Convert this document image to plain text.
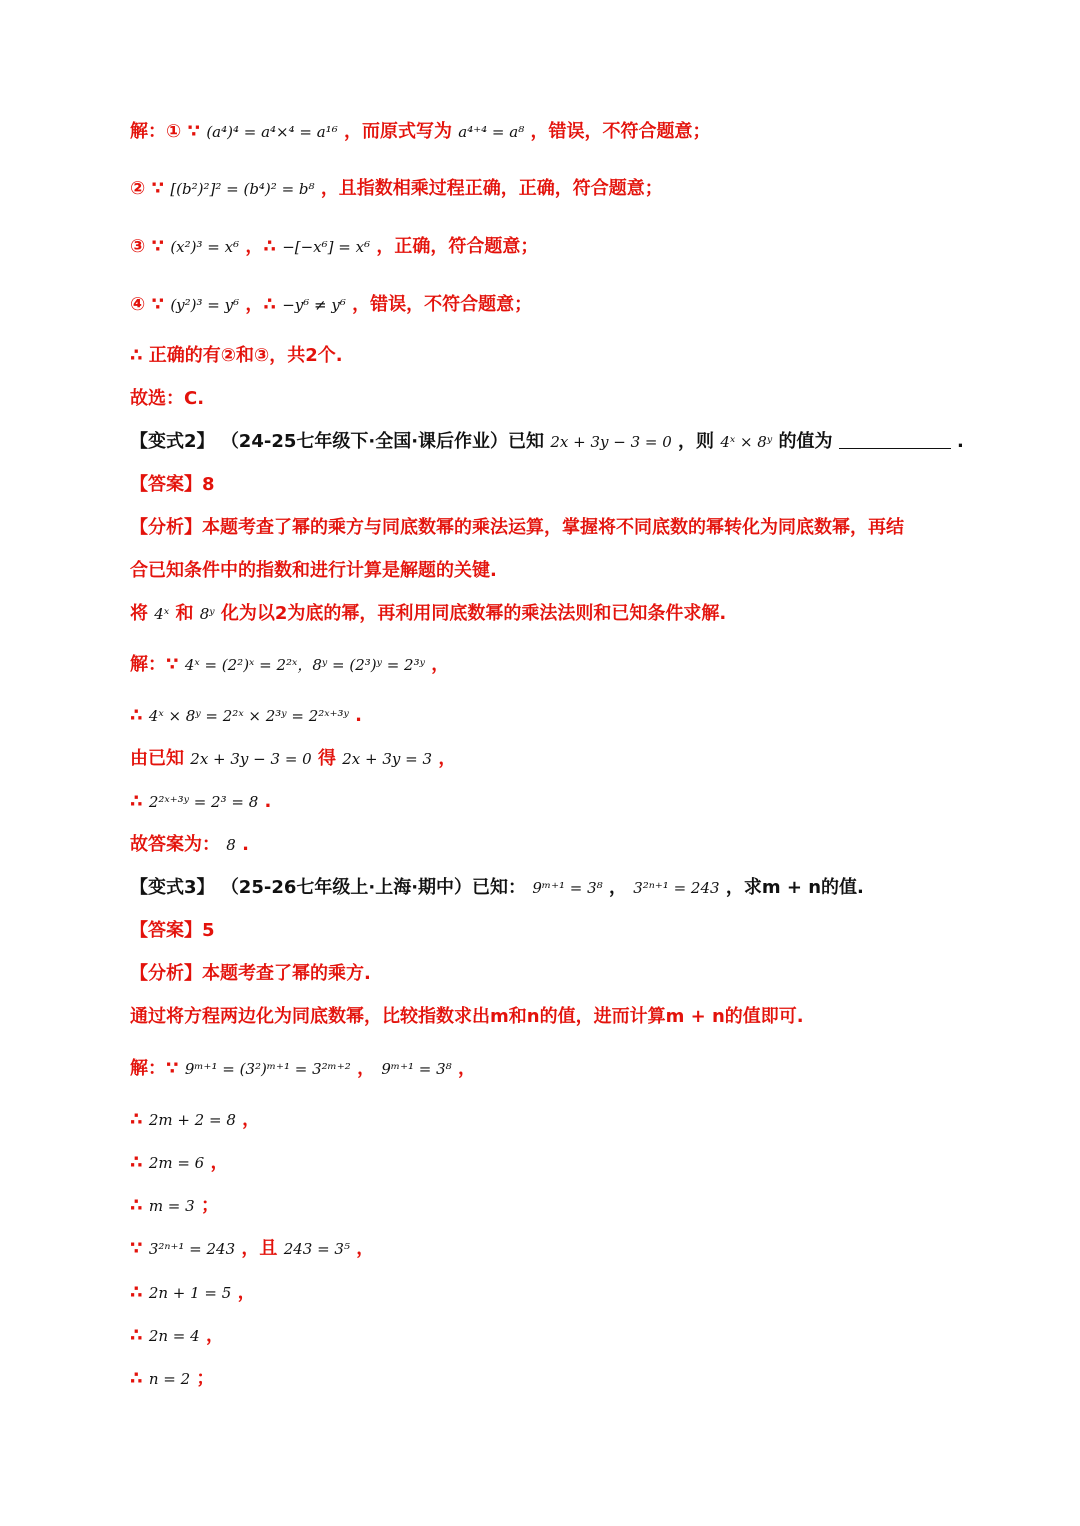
解：① ∵ (a⁴)⁴ = a⁴×⁴ = a¹⁶ ，而原式写为 a⁴⁺⁴ = a⁸ ，错误，不符合题意；
② ∵ [(b²)²]² = (b⁴)² = b⁸ ，且指数相乘过程正确，正确，符合题意；
③ ∵ (x²)³ = x⁶ ，∴ −[−x⁶] = x⁶ ，正确，符合题意；
④ ∵ (y²)³ = y⁶ ，∴ −y⁶ ≠ y⁶ ，错误，不符合题意；
∴ 正确的有②和③，共2个.
故选：C.
【变式2】 （24-25七年级下·全国·课后作业）已知 2x + 3y − 3 = 0 ，则 4ˣ × 8ʸ 的值为	.
【答案】8
【分析】本题考查了幂的乘方与同底数幂的乘法运算，掌握将不同底数的幂转化为同底数幂，再结
合已知条件中的指数和进行计算是解题的关键.
将 4ˣ 和 8ʸ 化为以2为底的幂，再利用同底数幂的乘法法则和已知条件求解.
解：∵ 4ˣ = (2²)ˣ = 2²ˣ，8ʸ = (2³)ʸ = 2³ʸ ，
∴ 4ˣ × 8ʸ = 2²ˣ × 2³ʸ = 2²ˣ⁺³ʸ .
由已知 2x + 3y − 3 = 0 得 2x + 3y = 3 ，
∴ 2²ˣ⁺³ʸ = 2³ = 8 .
故答案为： 8 .
【变式3】 （25-26七年级上·上海·期中）已知： 9ᵐ⁺¹ = 3⁸ ， 3²ⁿ⁺¹ = 243 ，求m + n的值.
【答案】5
【分析】本题考查了幂的乘方.
通过将方程两边化为同底数幂，比较指数求出m和n的值，进而计算m + n的值即可.
解：∵ 9ᵐ⁺¹ = (3²)ᵐ⁺¹ = 3²ᵐ⁺² ， 9ᵐ⁺¹ = 3⁸ ，
∴ 2m + 2 = 8 ，
∴ 2m = 6 ，
∴ m = 3 ；
∵ 3²ⁿ⁺¹ = 243 ，且 243 = 3⁵ ，
∴ 2n + 1 = 5 ，
∴ 2n = 4 ，
∴ n = 2 ；
